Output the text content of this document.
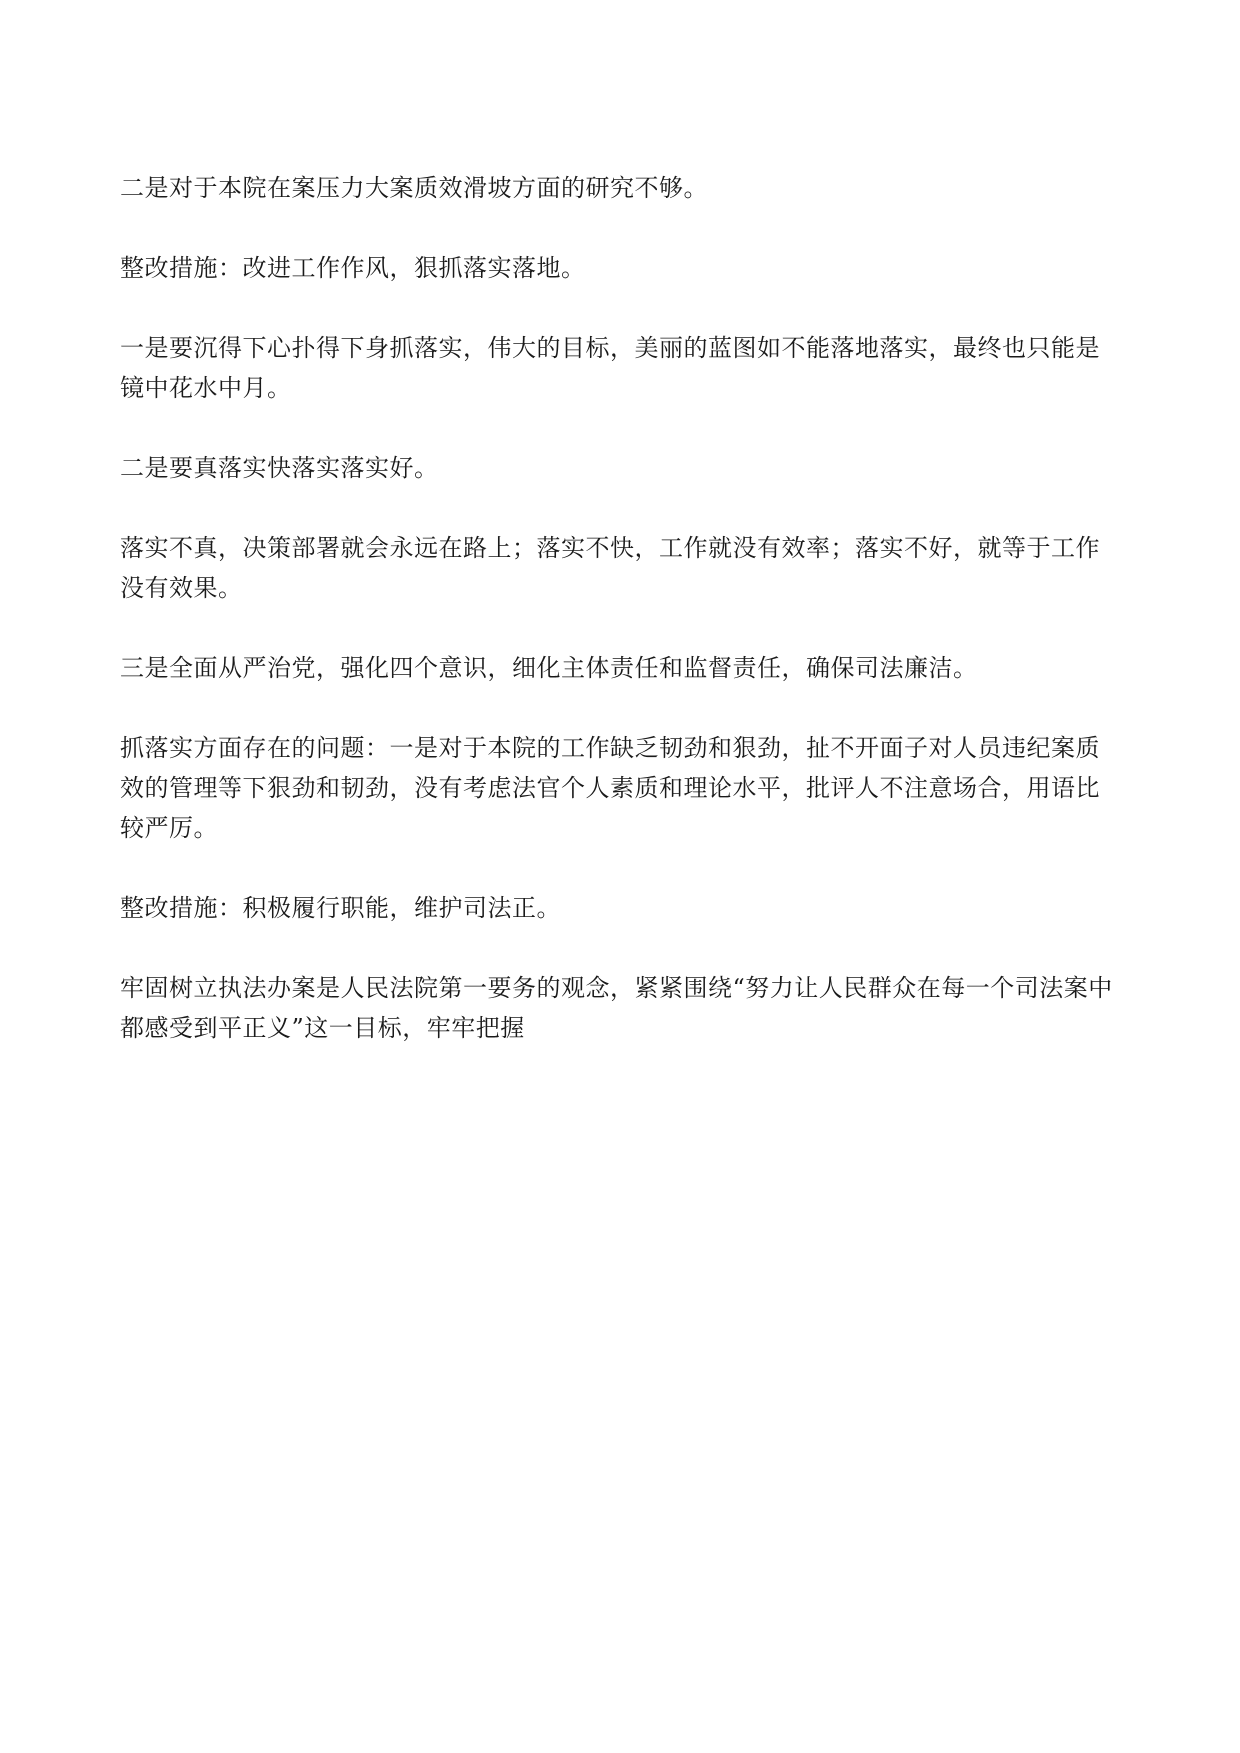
二是对于本院在案压力大案质效滑坡方面的研究不够。

整改措施：改进工作作风，狠抓落实落地。

一是要沉得下心扑得下身抓落实，伟大的目标，美丽的蓝图如不能落地落实，最终也只能是镜中花水中月。

二是要真落实快落实落实好。

落实不真，决策部署就会永远在路上；落实不快，工作就没有效率；落实不好，就等于工作没有效果。

三是全面从严治党，强化四个意识，细化主体责任和监督责任，确保司法廉洁。

抓落实方面存在的问题：一是对于本院的工作缺乏韧劲和狠劲，扯不开面子对人员违纪案质效的管理等下狠劲和韧劲，没有考虑法官个人素质和理论水平，批评人不注意场合，用语比较严厉。

整改措施：积极履行职能，维护司法正。

牢固树立执法办案是人民法院第一要务的观念，紧紧围绕“努力让人民群众在每一个司法案中都感受到平正义”这一目标，牢牢把握
